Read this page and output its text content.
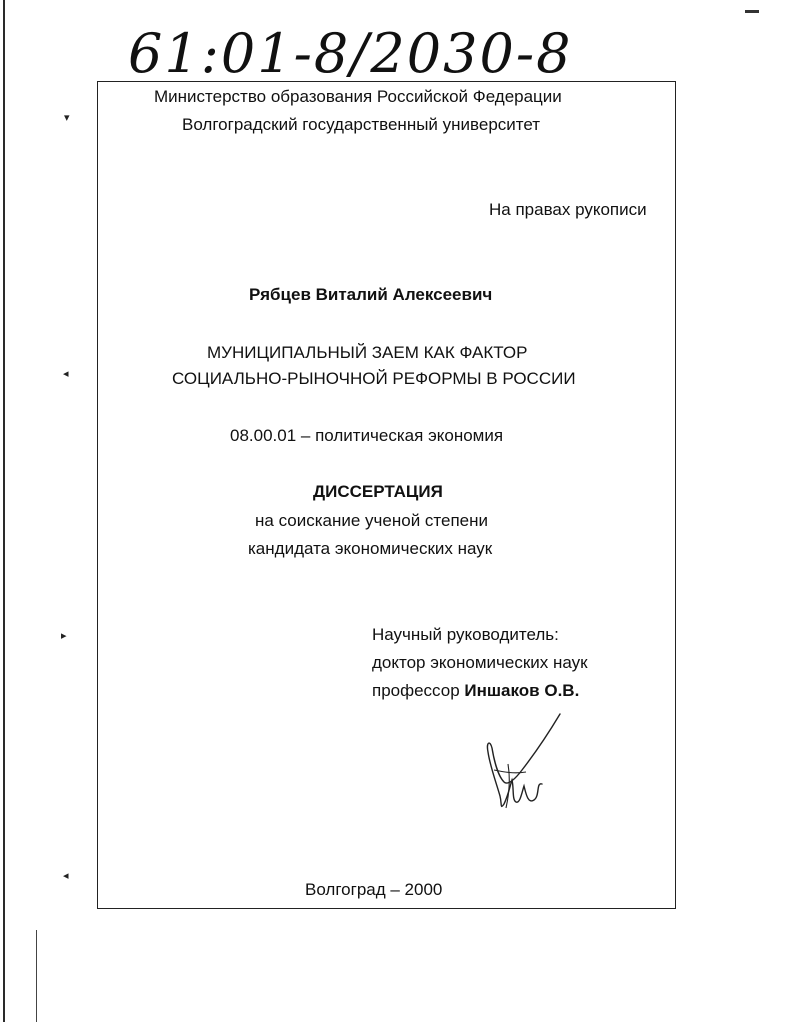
▾
◂
▸
◂
61:01-8/2030-8
Министерство образования Российской Федерации
Волгоградский государственный университет
На правах рукописи
Рябцев Виталий Алексеевич
МУНИЦИПАЛЬНЫЙ ЗАЕМ КАК ФАКТОР
СОЦИАЛЬНО-РЫНОЧНОЙ РЕФОРМЫ В РОССИИ
08.00.01 – политическая экономия
ДИССЕРТАЦИЯ
на соискание ученой степени
кандидата экономических наук
Научный руководитель:
доктор экономических наук
профессор Иншаков О.В.
Волгоград – 2000
